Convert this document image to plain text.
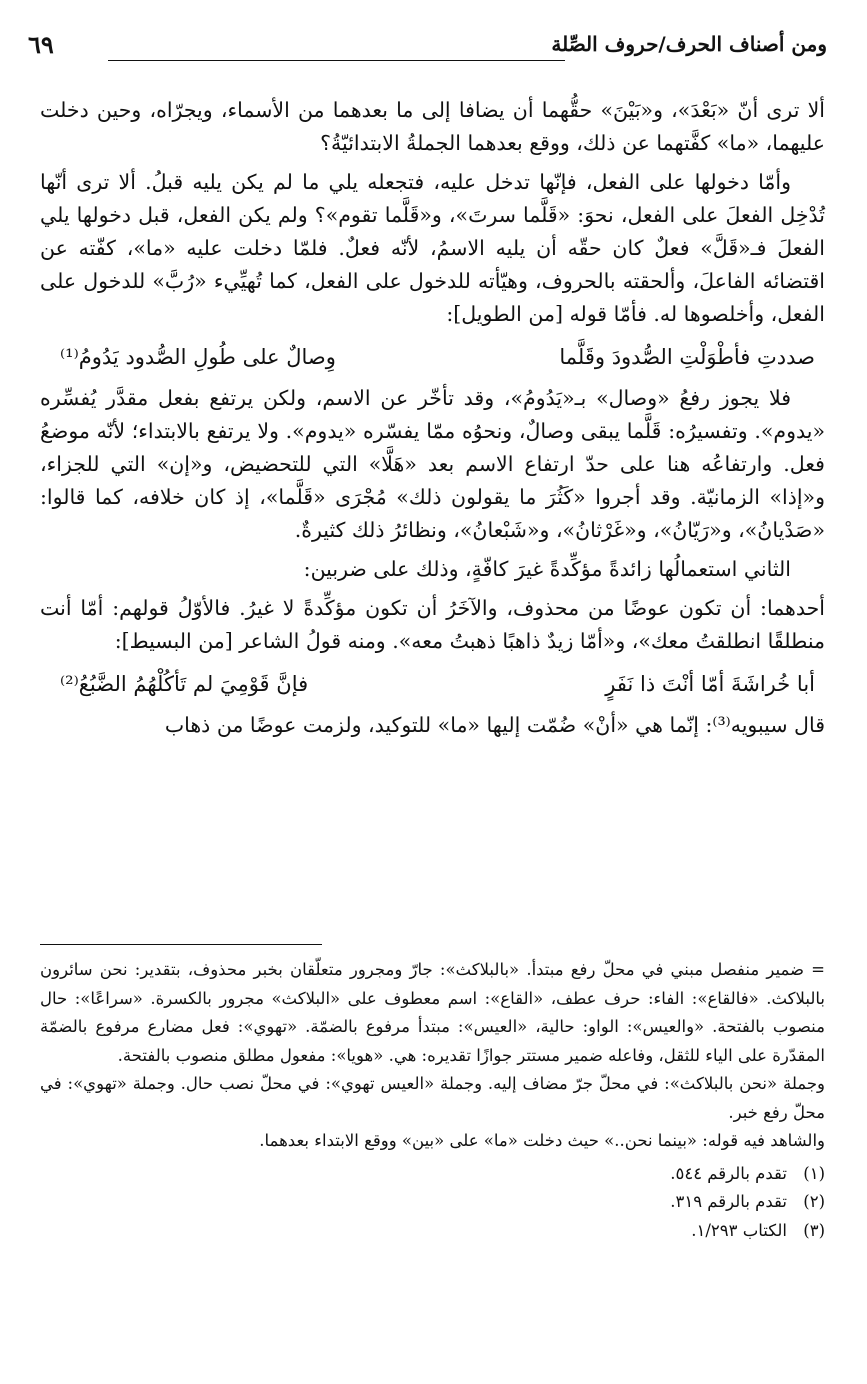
ومن أصناف الحرف/حروف الصِّلة
٦٩

ألا ترى أنّ «بَعْدَ»، و«بَيْنَ» حقُّهما أن يضافا إلى ما بعدهما من الأسماء، ويجرّاه، وحين دخلت عليهما، «ما» كفَّتهما عن ذلك، ووقع بعدهما الجملةُ الابتدائيّةُ؟

وأمّا دخولها على الفعل، فإنّها تدخل عليه، فتجعله يلي ما لم يكن يليه قبلُ. ألا ترى أنّها تُدْخِل الفعلَ على الفعل، نحوَ: «قَلَّما سرتَ»، و«قَلَّما تقوم»؟ ولم يكن الفعل، قبل دخولها يلي الفعلَ فـ«قَلَّ» فعلٌ كان حقّه أن يليه الاسمُ، لأنّه فعلٌ. فلمّا دخلت عليه «ما»، كفّته عن اقتضائه الفاعلَ، وألحقته بالحروف، وهيّأته للدخول على الفعل، كما تُهيِّيء «رُبَّ» للدخول على الفعل، وأخلصوها له. فأمّا قوله [من الطويل]:

صددتِ فأطْوَلْتِ الصُّدودَ وقَلَّما
وِصالٌ على طُولِ الصُّدود يَدُومُ⁽¹⁾

فلا يجوز رفعُ «وصال» بـ«يَدُومُ»، وقد تأخّر عن الاسم، ولكن يرتفع بفعل مقدَّر يُفسِّره «يدوم». وتفسيرُه: قَلَّما يبقى وصالٌ، ونحوُه ممّا يفسّره «يدوم». ولا يرتفع بالابتداء؛ لأنّه موضعُ فعل. وارتفاعُه هنا على حدّ ارتفاع الاسم بعد «هَلَّا» التي للتحضيض، و«إن» التي للجزاء، و«إذا» الزمانيّة. وقد أجروا «كَثُرَ ما يقولون ذلك» مُجْرَى «قَلَّما»، إذ كان خلافه، كما قالوا: «صَدْيانُ»، و«رَيّانُ»، و«غَرْثانُ»، و«شَبْعانُ»، ونظائرُ ذلك كثيرةٌ.

الثاني استعمالُها زائدةً مؤكِّدةً غيرَ كافّةٍ، وذلك على ضربين:

أحدهما: أن تكون عوضًا من محذوف، والآخَرُ أن تكون مؤكِّدةً لا غيرُ. فالأوّلُ قولهم: أمّا أنت منطلقًا انطلقتُ معك»، و«أمّا زيدٌ ذاهبًا ذهبتُ معه». ومنه قولُ الشاعر [من البسيط]:

أبا خُراشَةَ أمّا أنْتَ ذا نَفَرٍ
فإنَّ قَوْمِيَ لم تَأكُلْهُمُ الضَّبُعُ⁽²⁾

قال سيبويه⁽³⁾: إنّما هي «أنْ» ضُمّت إليها «ما» للتوكيد، ولزمت عوضًا من ذهاب

= ضمير منفصل مبني في محلّ رفع مبتدأ. «بالبلاكث»: جارّ ومجرور متعلّقان بخبر محذوف، بتقدير: نحن سائرون بالبلاكث. «فالقاع»: الفاء: حرف عطف، «القاع»: اسم معطوف على «البلاكث» مجرور بالكسرة. «سراعًا»: حال منصوب بالفتحة. «والعيس»: الواو: حالية، «العيس»: مبتدأ مرفوع بالضمّة. «تهوي»: فعل مضارع مرفوع بالضمّة المقدّرة على الياء للثقل، وفاعله ضمير مستتر جوازًا تقديره: هي. «هويا»: مفعول مطلق منصوب بالفتحة.

وجملة «نحن بالبلاكث»: في محلّ جرّ مضاف إليه. وجملة «العيس تهوي»: في محلّ نصب حال. وجملة «تهوي»: في محلّ رفع خبر.

والشاهد فيه قوله: «بينما نحن..» حيث دخلت «ما» على «بين» ووقع الابتداء بعدهما.

(١)
تقدم بالرقم ٥٤٤.
(٢)
تقدم بالرقم ٣١٩.
(٣)
الكتاب ١/٢٩٣.
